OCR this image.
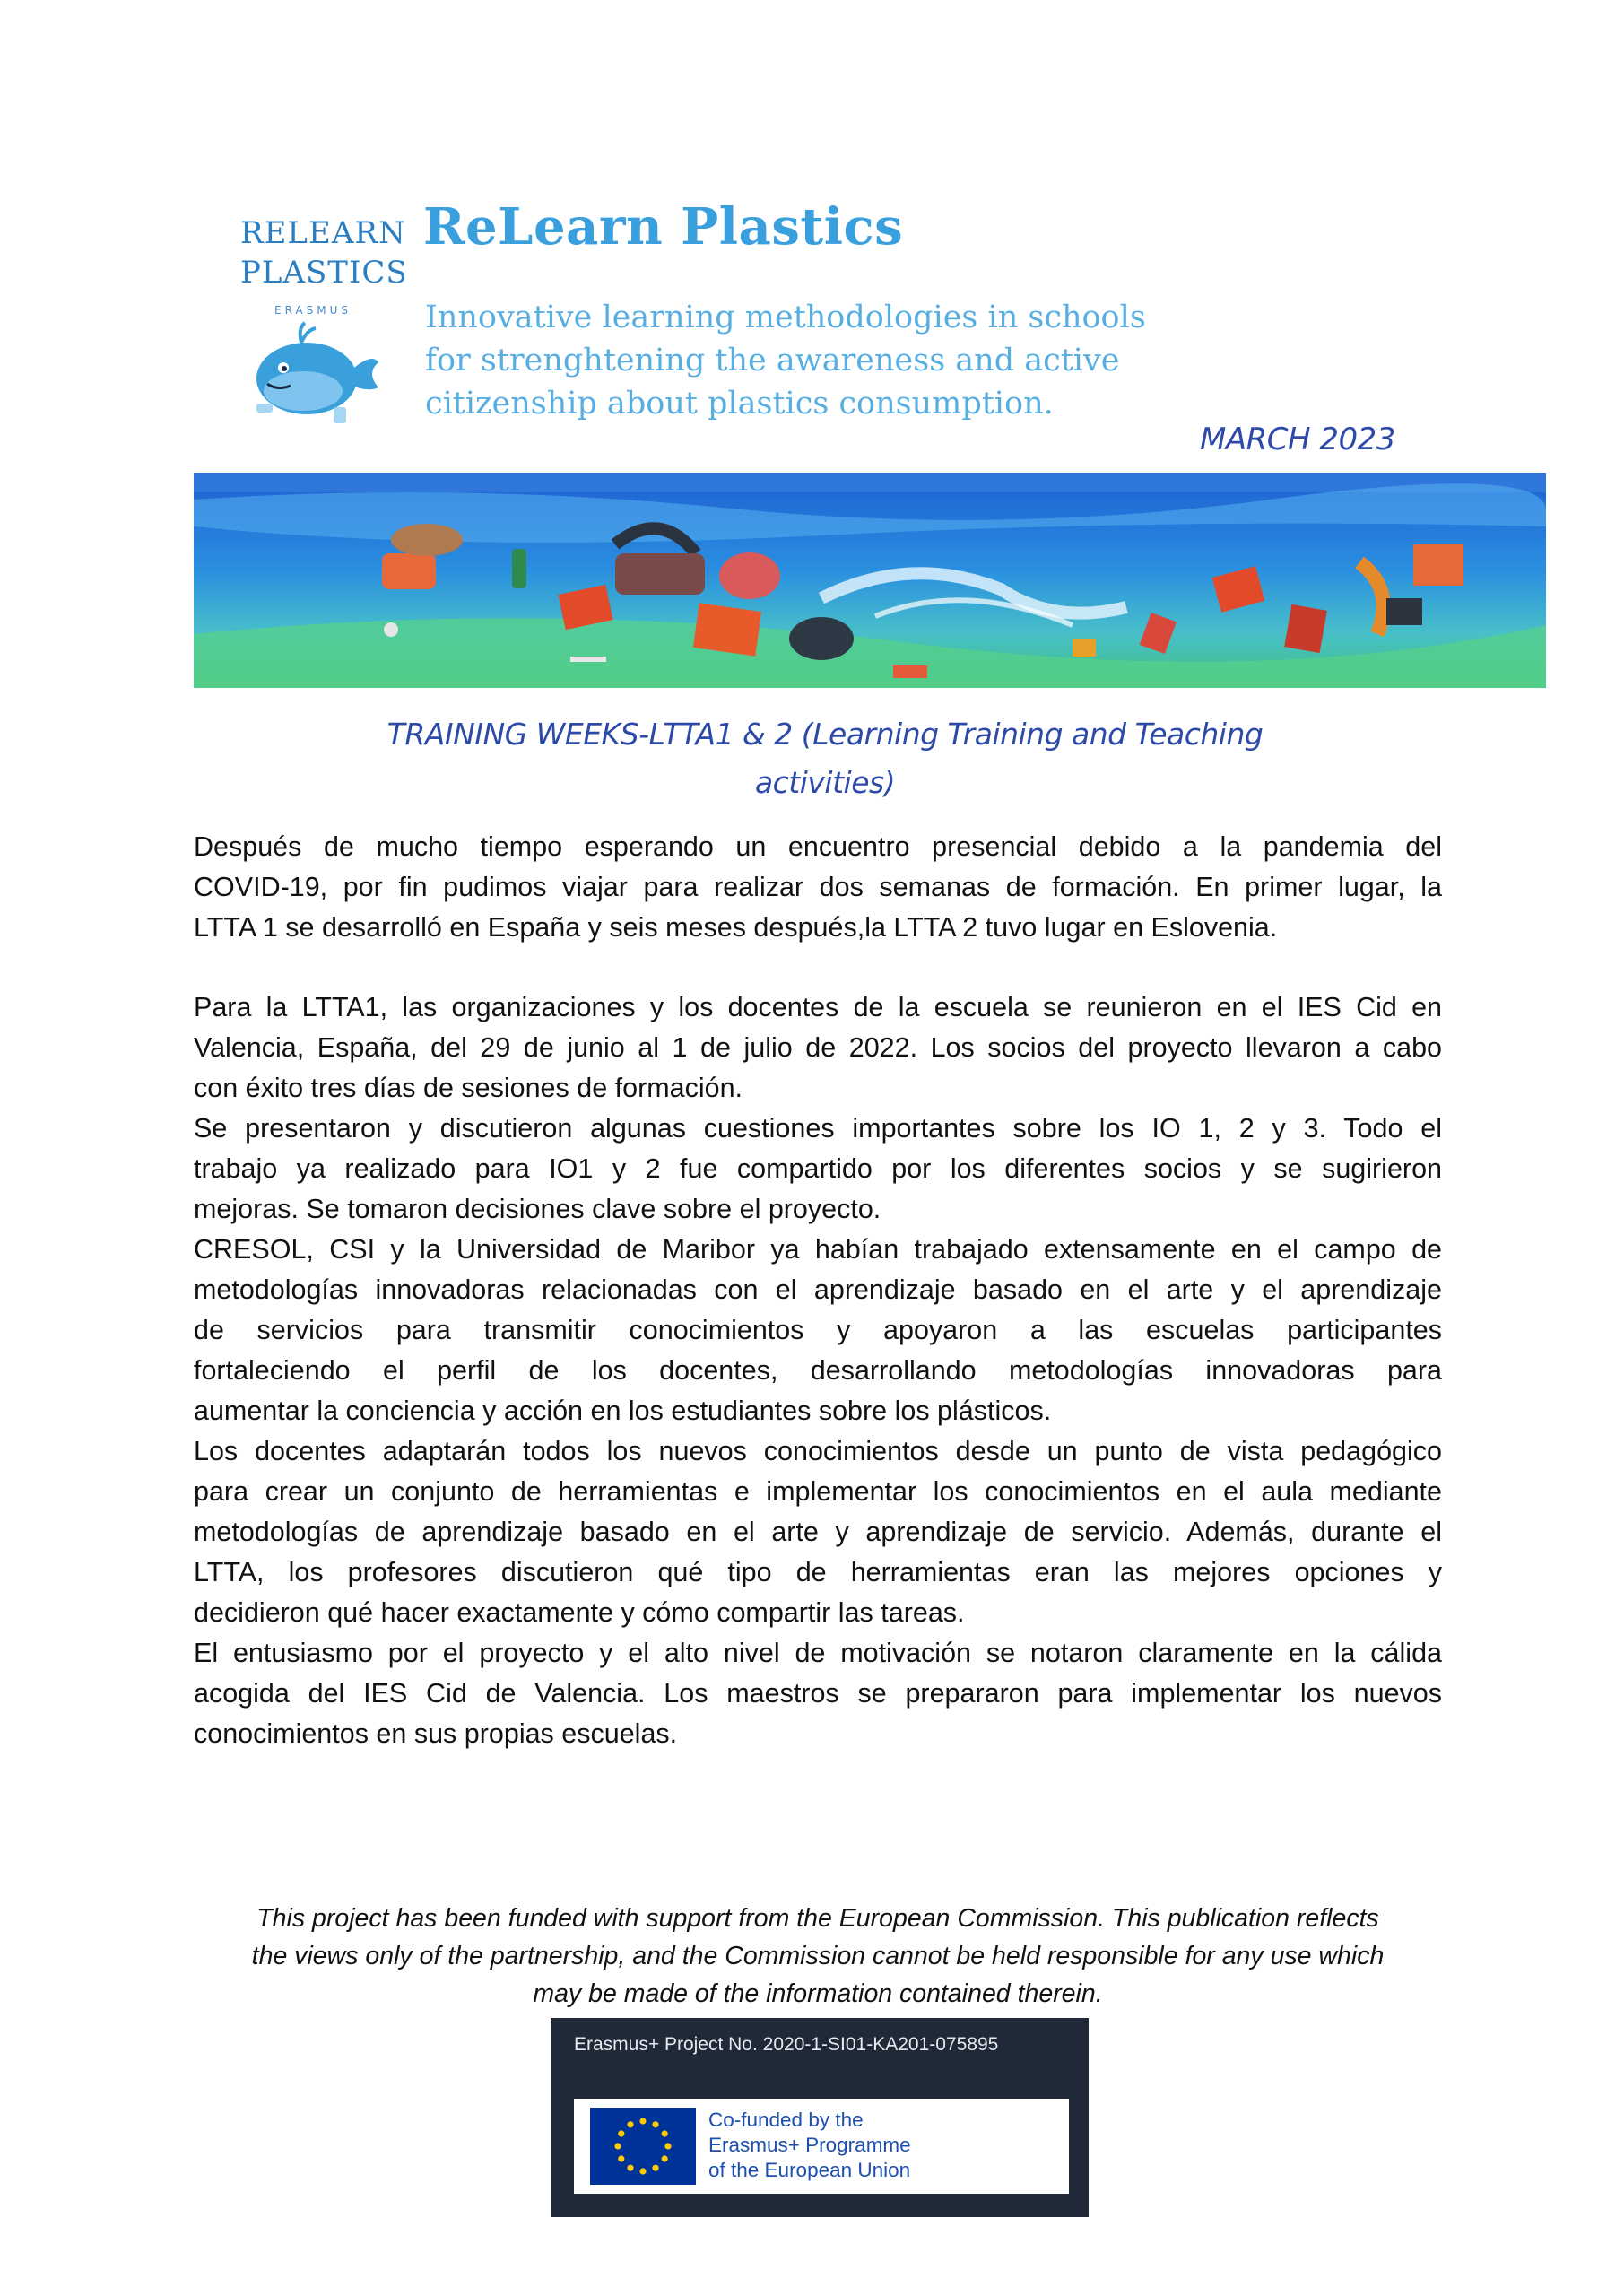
RELEARN
PLASTICS
ERASMUS
ReLearn Plastics
Innovative learning methodologies in schools
for strenghtening the awareness and active
citizenship about plastics consumption.
MARCH 2023
TRAINING WEEKS-LTTA1 & 2 (Learning Training and Teaching
activities)
Después de mucho tiempo esperando un encuentro presencial debido a la pandemia del
COVID-19, por fin pudimos viajar para realizar dos semanas de formación. En primer lugar, la
LTTA 1 se desarrolló en España y seis meses después,la LTTA 2 tuvo lugar en Eslovenia.
Para la LTTA1, las organizaciones y los docentes de la escuela se reunieron en el IES Cid en
Valencia, España, del 29 de junio al 1 de julio de 2022. Los socios del proyecto llevaron a cabo
con éxito tres días de sesiones de formación.
Se presentaron y discutieron algunas cuestiones importantes sobre los IO 1, 2 y 3. Todo el
trabajo ya realizado para IO1 y 2 fue compartido por los diferentes socios y se sugirieron
mejoras. Se tomaron decisiones clave sobre el proyecto.
CRESOL, CSI y la Universidad de Maribor ya habían trabajado extensamente en el campo de
metodologías innovadoras relacionadas con el aprendizaje basado en el arte y el aprendizaje
de servicios para transmitir conocimientos y apoyaron a las escuelas participantes
fortaleciendo el perfil de los docentes, desarrollando metodologías innovadoras para
aumentar la conciencia y acción en los estudiantes sobre los plásticos.
Los docentes adaptarán todos los nuevos conocimientos desde un punto de vista pedagógico
para crear un conjunto de herramientas e implementar los conocimientos en el aula mediante
metodologías de aprendizaje basado en el arte y aprendizaje de servicio. Además, durante el
LTTA, los profesores discutieron qué tipo de herramientas eran las mejores opciones y
decidieron qué hacer exactamente y cómo compartir las tareas.
El entusiasmo por el proyecto y el alto nivel de motivación se notaron claramente en la cálida
acogida del IES Cid de Valencia. Los maestros se prepararon para implementar los nuevos
conocimientos en sus propias escuelas.
This project has been funded with support from the European Commission. This publication reflects
the views only of the partnership, and the Commission cannot be held responsible for any use which
may be made of the information contained therein.
Erasmus+ Project No. 2020-1-SI01-KA201-075895
Co-funded by the
Erasmus+ Programme
of the European Union
